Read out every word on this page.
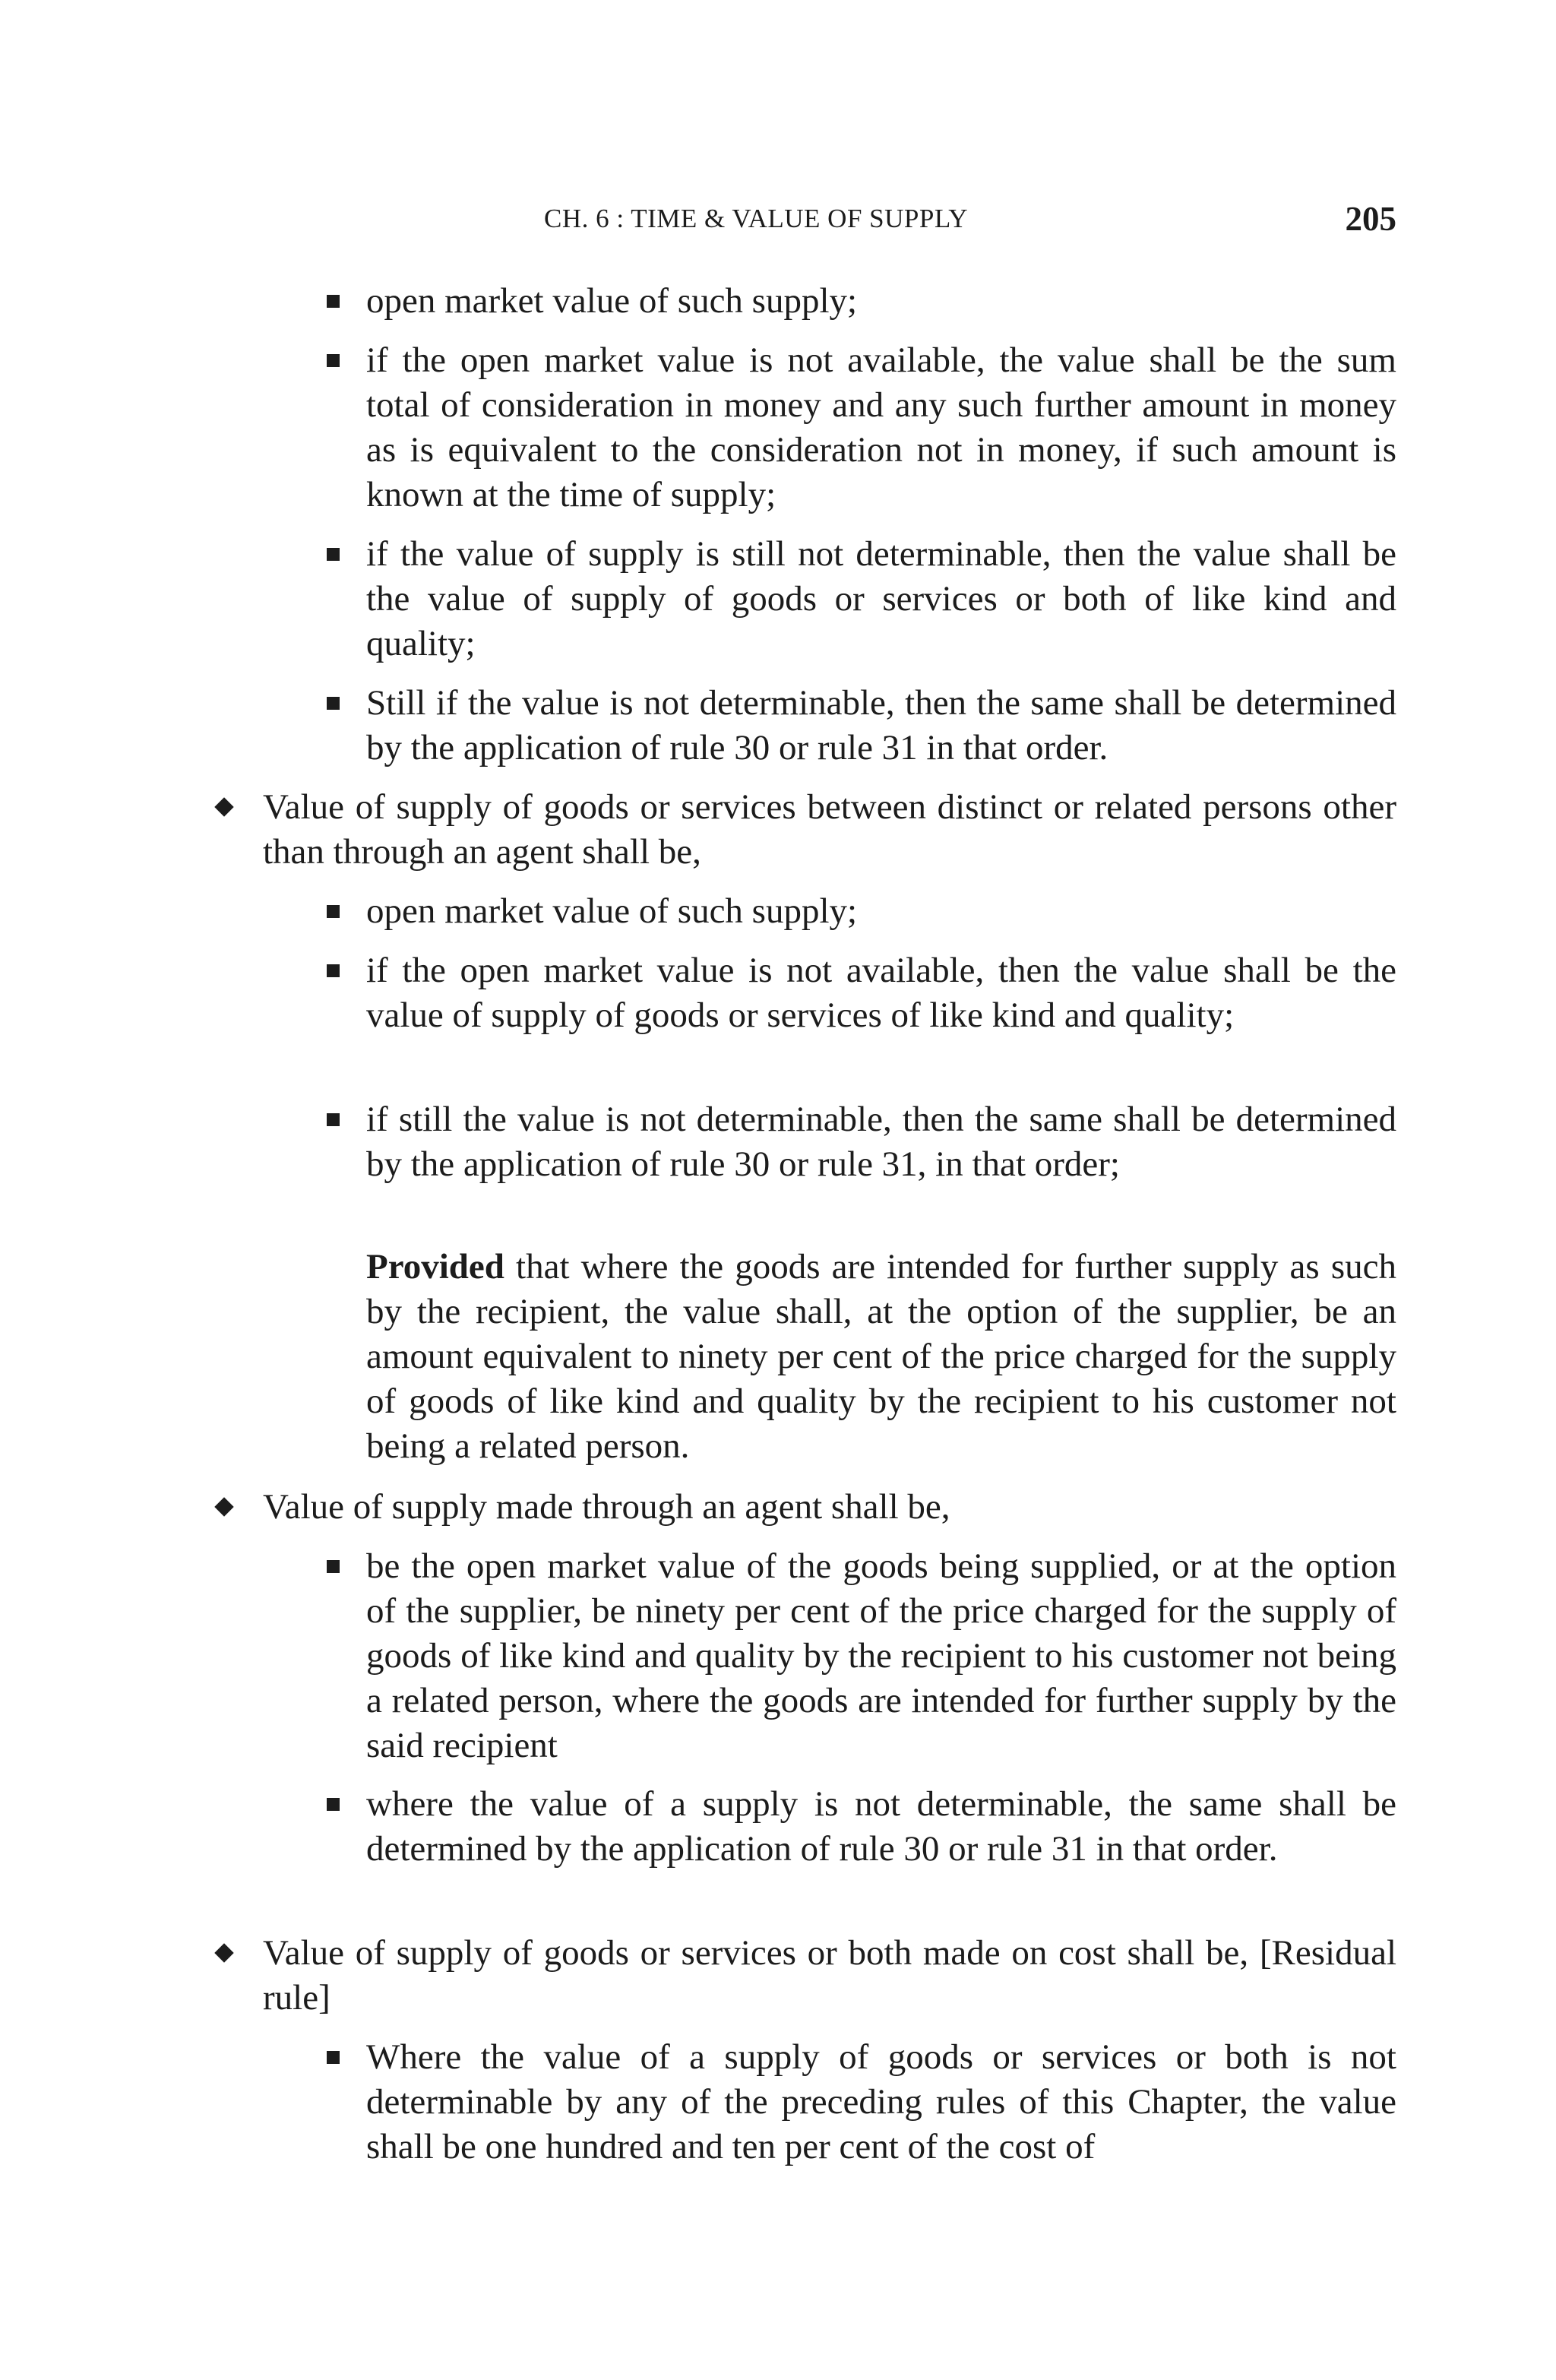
CH. 6 : TIME & VALUE OF SUPPLY	205
open market value of such supply;
if the open market value is not available, the value shall be the sum total of consideration in money and any such further amount in money as is equivalent to the consideration not in money, if such amount is known at the time of supply;
if the value of supply is still not determinable, then the value shall be the value of supply of goods or services or both of like kind and quality;
Still if the value is not determinable, then the same shall be determined by the application of rule 30 or rule 31 in that order.
Value of supply of goods or services between distinct or related persons other than through an agent shall be,
open market value of such supply;
if the open market value is not available, then the value shall be the value of supply of goods or services of like kind and quality;
if still the value is not determinable, then the same shall be determined by the application of rule 30 or rule 31, in that order;
Provided that where the goods are intended for further supply as such by the recipient, the value shall, at the option of the supplier, be an amount equivalent to ninety per cent of the price charged for the supply of goods of like kind and quality by the recipient to his customer not being a related person.
Value of supply made through an agent shall be,
be the open market value of the goods being supplied, or at the option of the supplier, be ninety per cent of the price charged for the supply of goods of like kind and quality by the recipient to his customer not being a related person, where the goods are intended for further supply by the said recipient
where the value of a supply is not determinable, the same shall be determined by the application of rule 30 or rule 31 in that order.
Value of supply of goods or services or both made on cost shall be, [Residual rule]
Where the value of a supply of goods or services or both is not determinable by any of the preceding rules of this Chapter, the value shall be one hundred and ten per cent of the cost of
